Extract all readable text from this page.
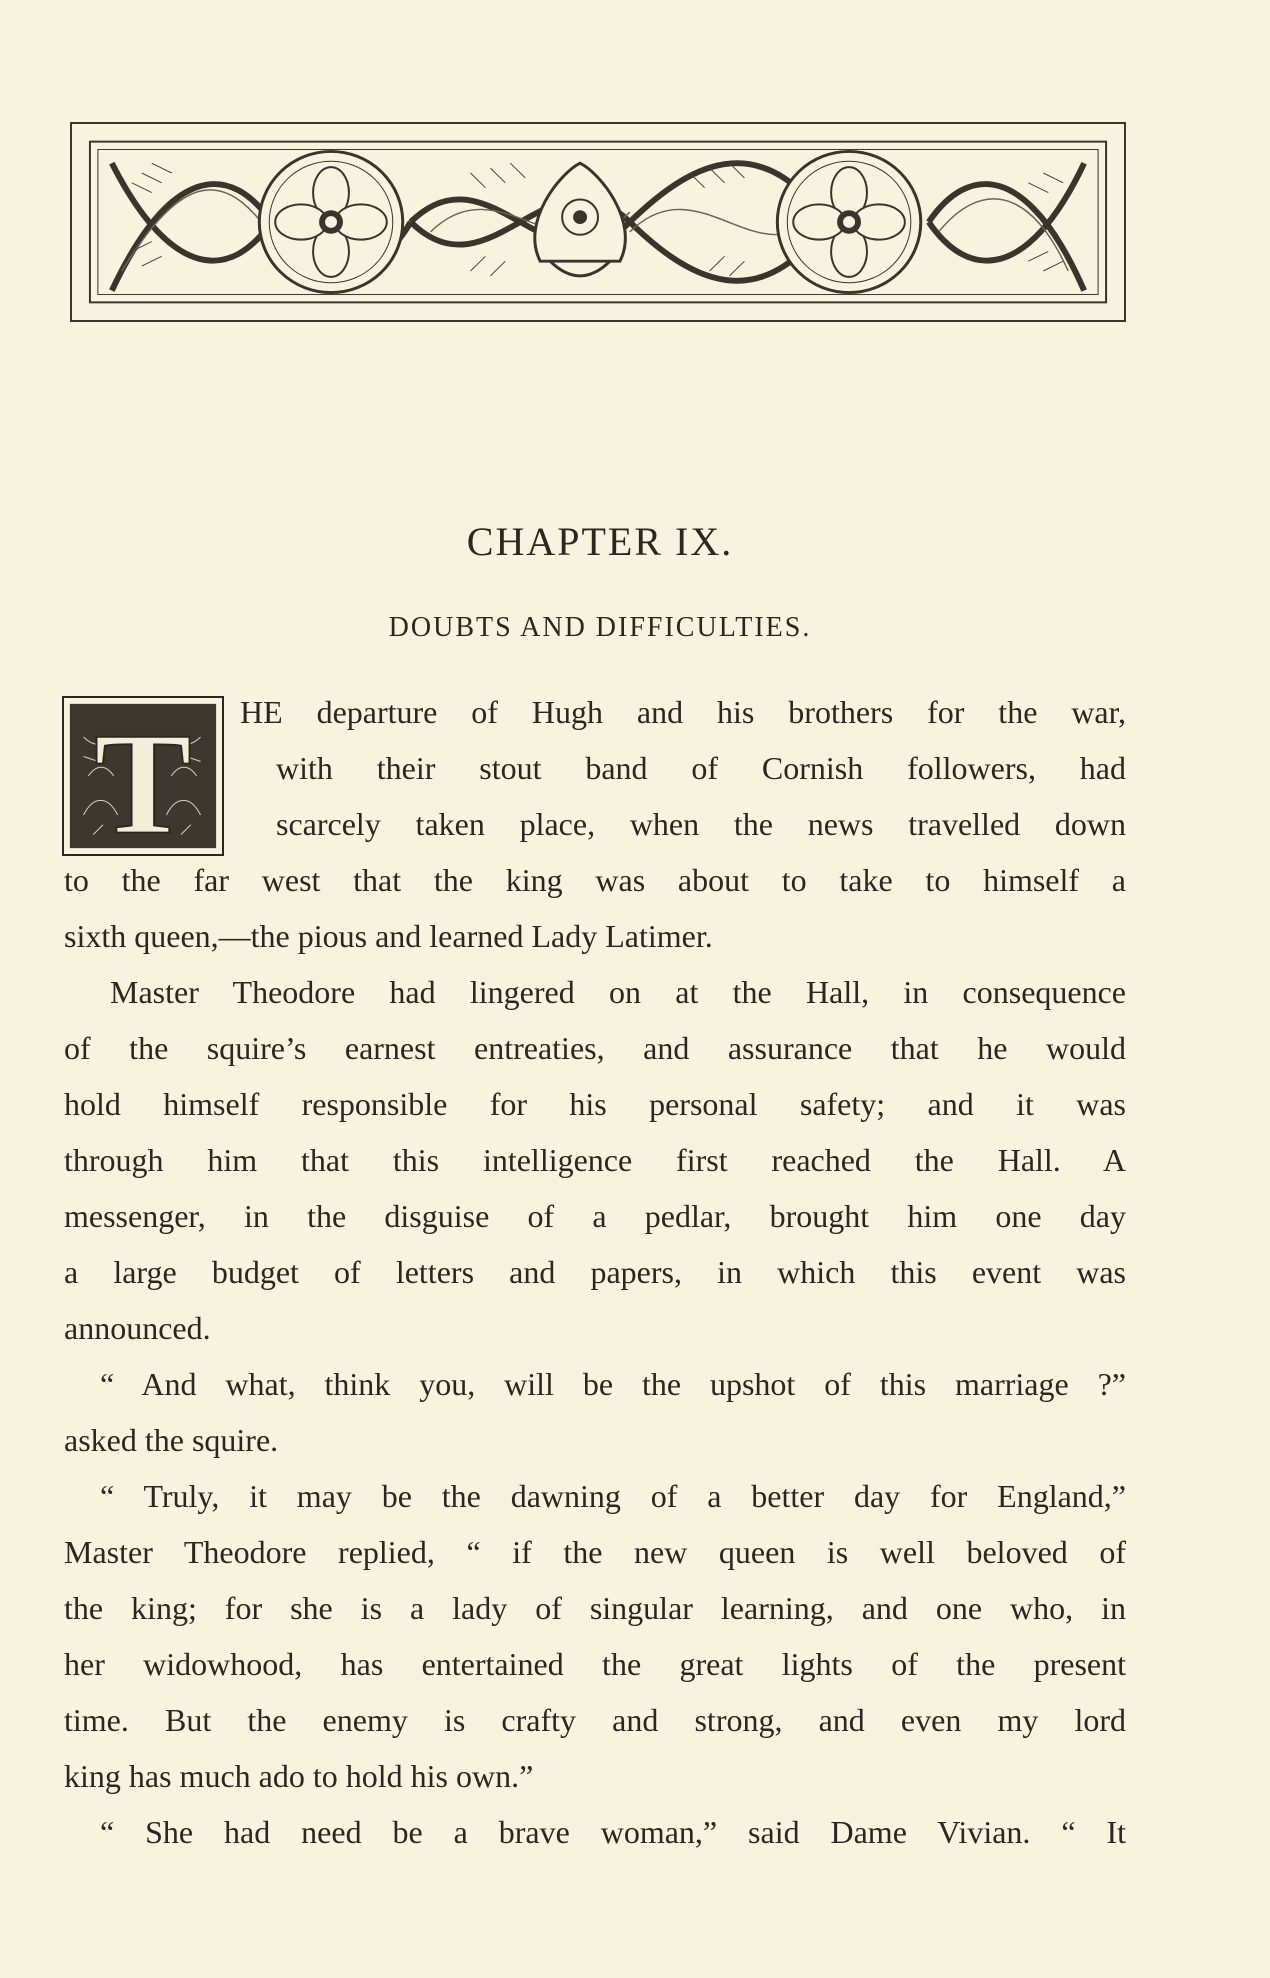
CHAPTER IX.
DOUBTS AND DIFFICULTIES.
T HE departure of Hugh and his brothers for the war,
with their stout band of Cornish followers, had
scarcely taken place, when the news travelled down
to the far west that the king was about to take to himself a
sixth queen,—the pious and learned Lady Latimer.
Master Theodore had lingered on at the Hall, in consequence
of the squire’s earnest entreaties, and assurance that he would
hold himself responsible for his personal safety; and it was
through him that this intelligence first reached the Hall. A
messenger, in the disguise of a pedlar, brought him one day
a large budget of letters and papers, in which this event was
announced.
“ And what, think you, will be the upshot of this marriage ?”
asked the squire.
“ Truly, it may be the dawning of a better day for England,”
Master Theodore replied, “ if the new queen is well beloved of
the king; for she is a lady of singular learning, and one who, in
her widowhood, has entertained the great lights of the present
time. But the enemy is crafty and strong, and even my lord
king has much ado to hold his own.”
“ She had need be a brave woman,” said Dame Vivian. “ It
